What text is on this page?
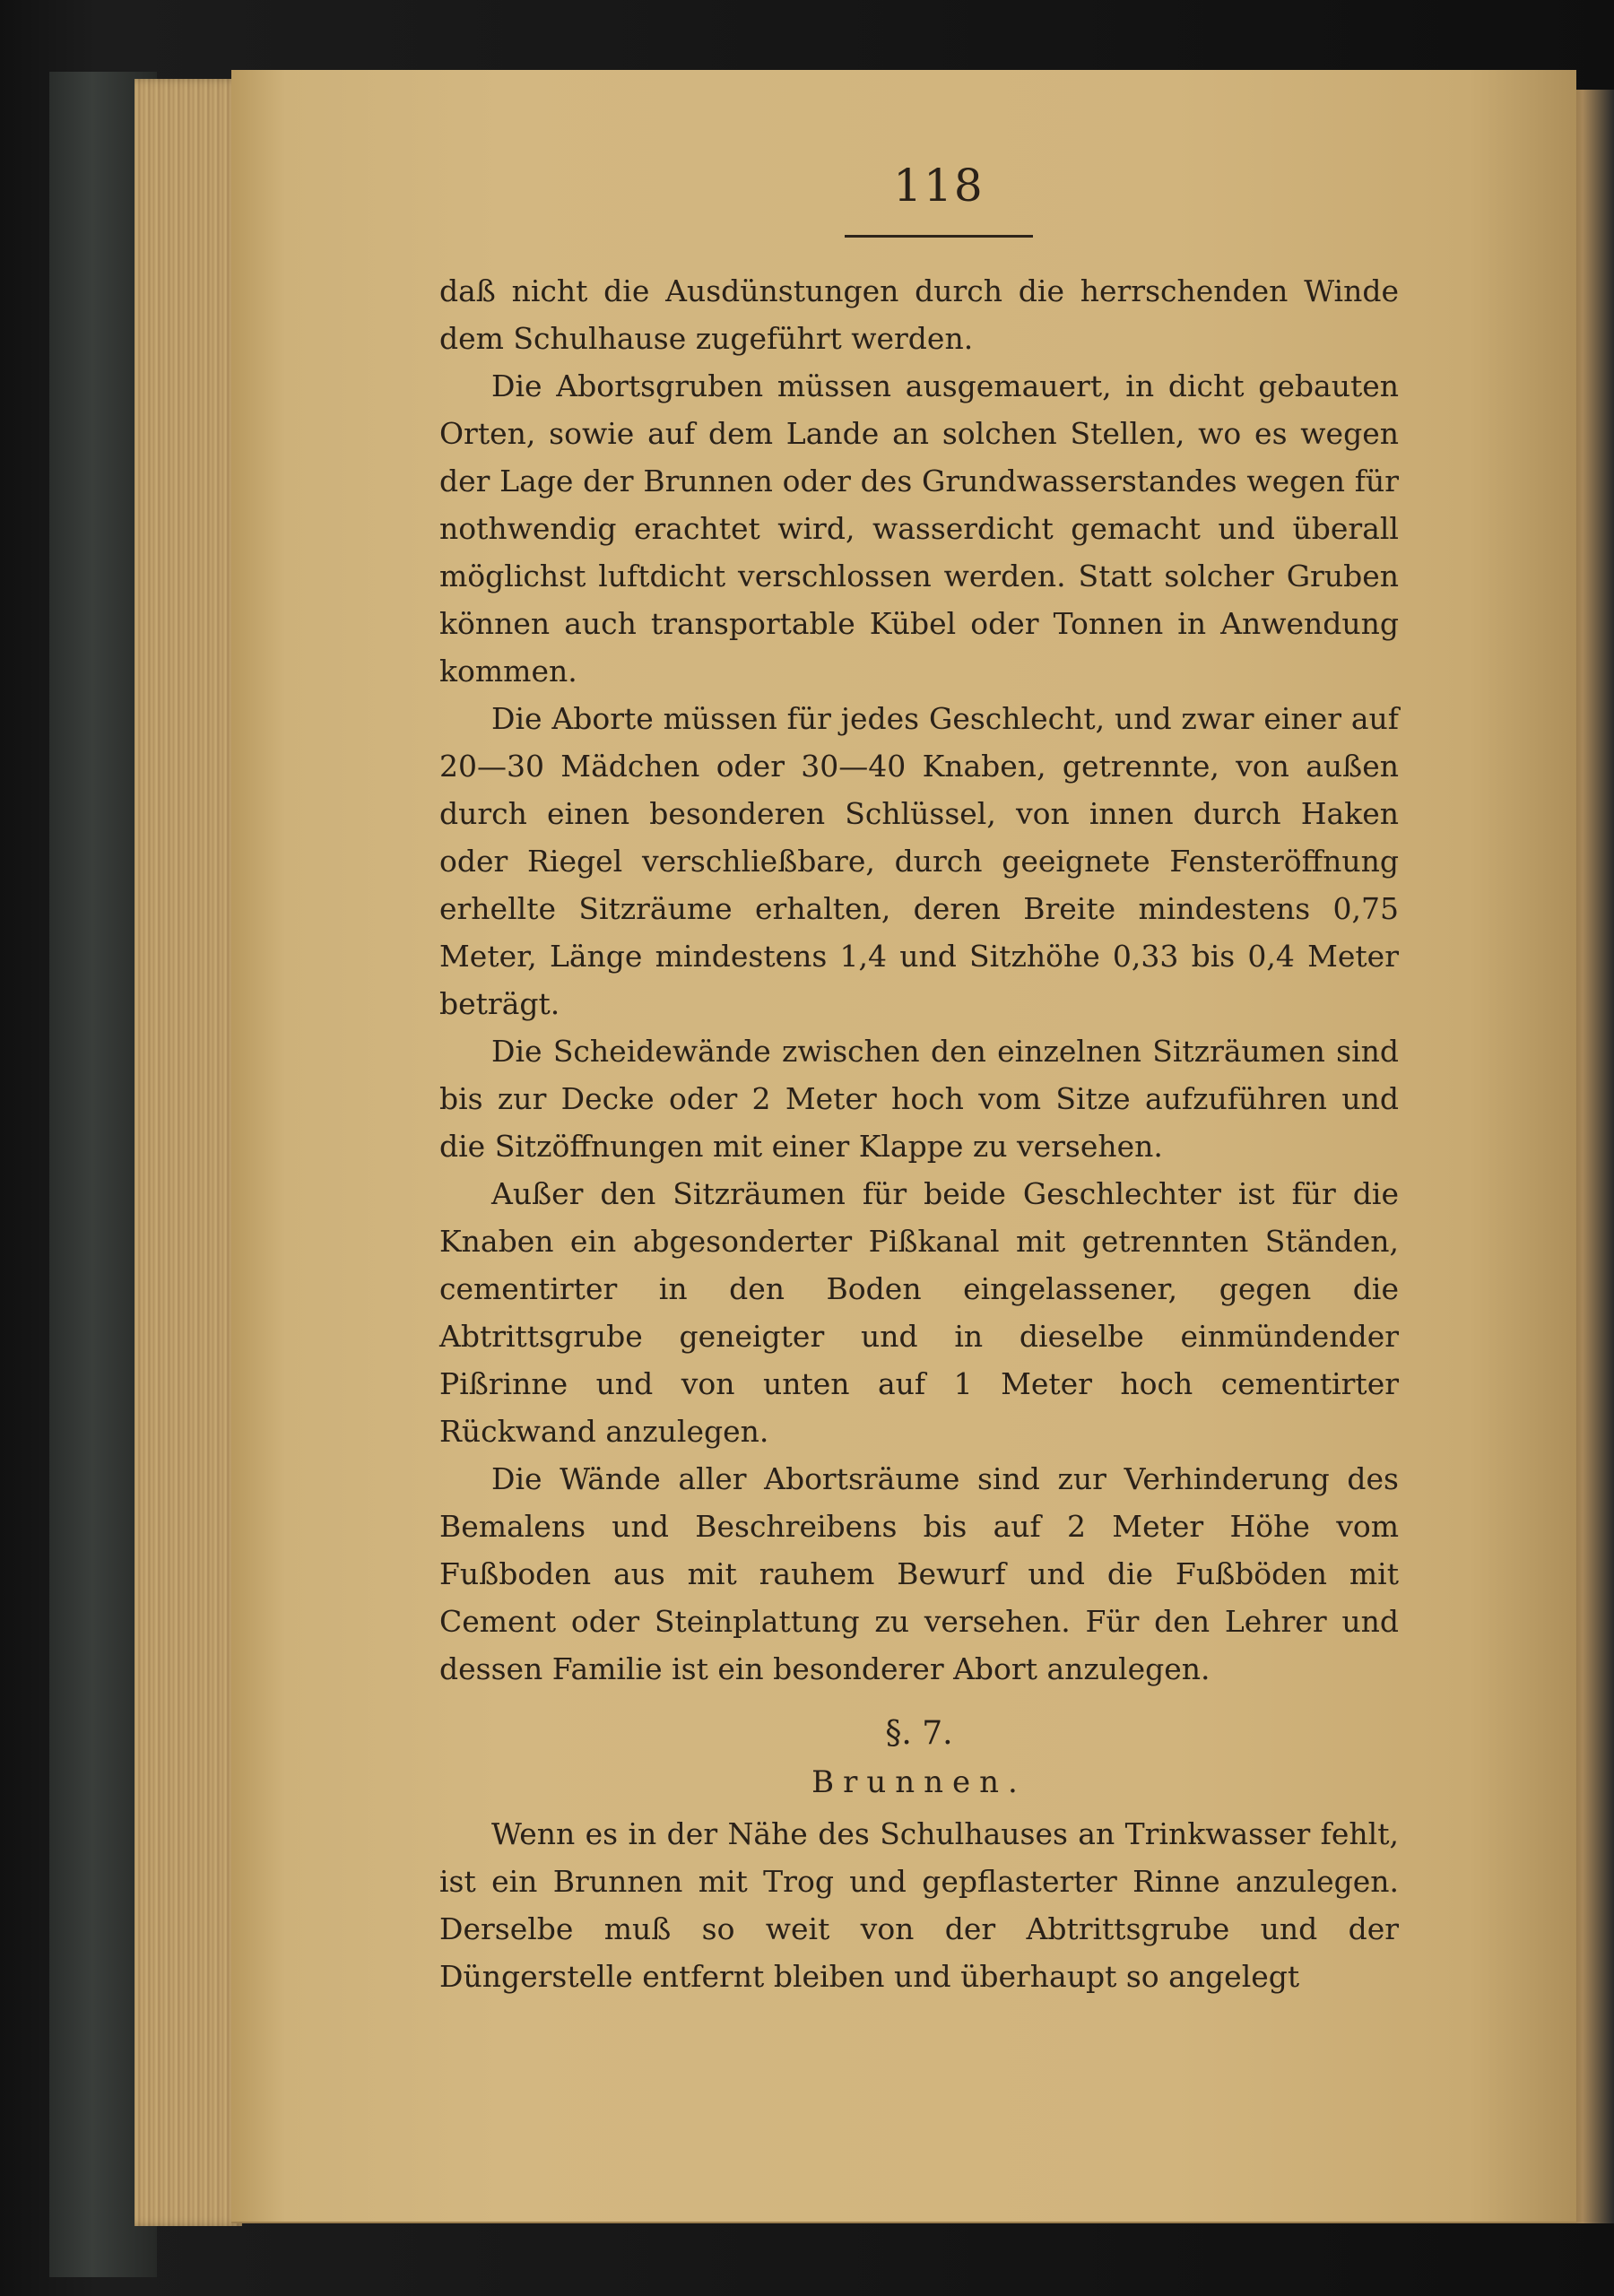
118

daß nicht die Ausdünstungen durch die herrschenden Winde dem Schulhause zugeführt werden.

Die Abortsgruben müssen ausgemauert, in dicht gebauten Orten, sowie auf dem Lande an solchen Stellen, wo es wegen der Lage der Brunnen oder des Grundwasserstandes wegen für nothwendig erachtet wird, wasserdicht gemacht und überall möglichst luftdicht verschlossen werden. Statt solcher Gruben können auch transportable Kübel oder Tonnen in Anwendung kommen.

Die Aborte müssen für jedes Geschlecht, und zwar einer auf 20—30 Mädchen oder 30—40 Knaben, getrennte, von außen durch einen besonderen Schlüssel, von innen durch Haken oder Riegel verschließbare, durch geeignete Fensteröffnung erhellte Sitzräume erhalten, deren Breite mindestens 0,75 Meter, Länge mindestens 1,4 und Sitzhöhe 0,33 bis 0,4 Meter beträgt.

Die Scheidewände zwischen den einzelnen Sitzräumen sind bis zur Decke oder 2 Meter hoch vom Sitze aufzuführen und die Sitzöffnungen mit einer Klappe zu versehen.

Außer den Sitzräumen für beide Geschlechter ist für die Knaben ein abgesonderter Pißkanal mit getrennten Ständen, cementirter in den Boden eingelassener, gegen die Abtrittsgrube geneigter und in dieselbe einmündender Pißrinne und von unten auf 1 Meter hoch cementirter Rückwand anzulegen.

Die Wände aller Abortsräume sind zur Verhinderung des Bemalens und Beschreibens bis auf 2 Meter Höhe vom Fußboden aus mit rauhem Bewurf und die Fußböden mit Cement oder Steinplattung zu versehen. Für den Lehrer und dessen Familie ist ein besonderer Abort anzulegen.

§. 7.

Brunnen.

Wenn es in der Nähe des Schulhauses an Trinkwasser fehlt, ist ein Brunnen mit Trog und gepflasterter Rinne anzulegen. Derselbe muß so weit von der Abtrittsgrube und der Düngerstelle entfernt bleiben und überhaupt so angelegt
